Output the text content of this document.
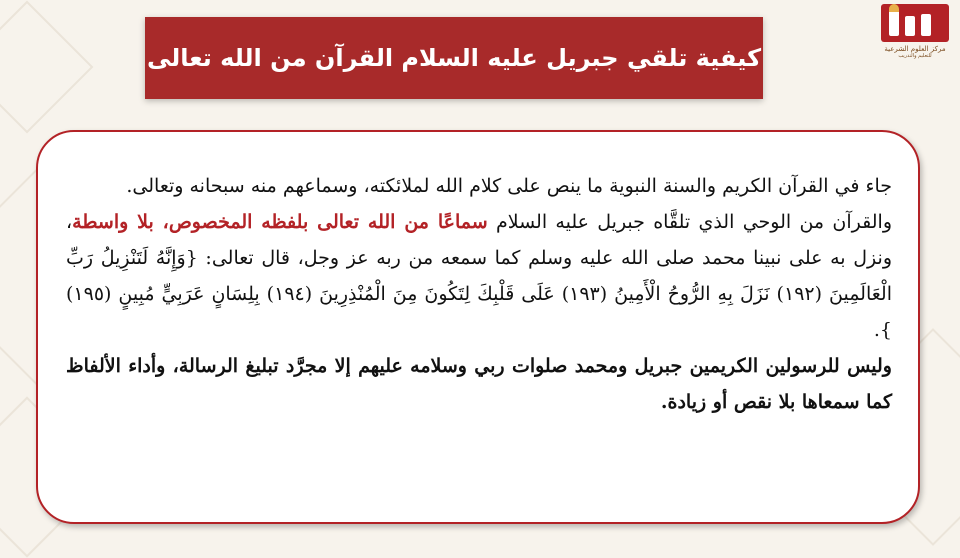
كيفية تلقي جبريل عليه السلام القرآن من الله تعالى	مركز العلوم الشرعية
للتعليم والتدريب

جاء في القرآن الكريم والسنة النبوية ما ينص على كلام الله لملائكته، وسماعهم منه سبحانه وتعالى.

والقرآن من الوحي الذي تلقَّاه جبريل عليه السلام سماعًا من الله تعالى بلفظه المخصوص، بلا واسطة، ونزل به على نبينا محمد صلى الله عليه وسلم كما سمعه من ربه عز وجل، قال تعالى: {وَإِنَّهُ لَتَنْزِيلُ رَبِّ الْعَالَمِينَ (١٩٢) نَزَلَ بِهِ الرُّوحُ الْأَمِينُ (١٩٣) عَلَى قَلْبِكَ لِتَكُونَ مِنَ الْمُنْذِرِينَ (١٩٤) بِلِسَانٍ عَرَبِيٍّ مُبِينٍ (١٩٥) }.

وليس للرسولين الكريمين جبريل ومحمد صلوات ربي وسلامه عليهم إلا مجرَّد تبليغ الرسالة، وأداء الألفاظ كما سمعاها بلا نقص أو زيادة.
